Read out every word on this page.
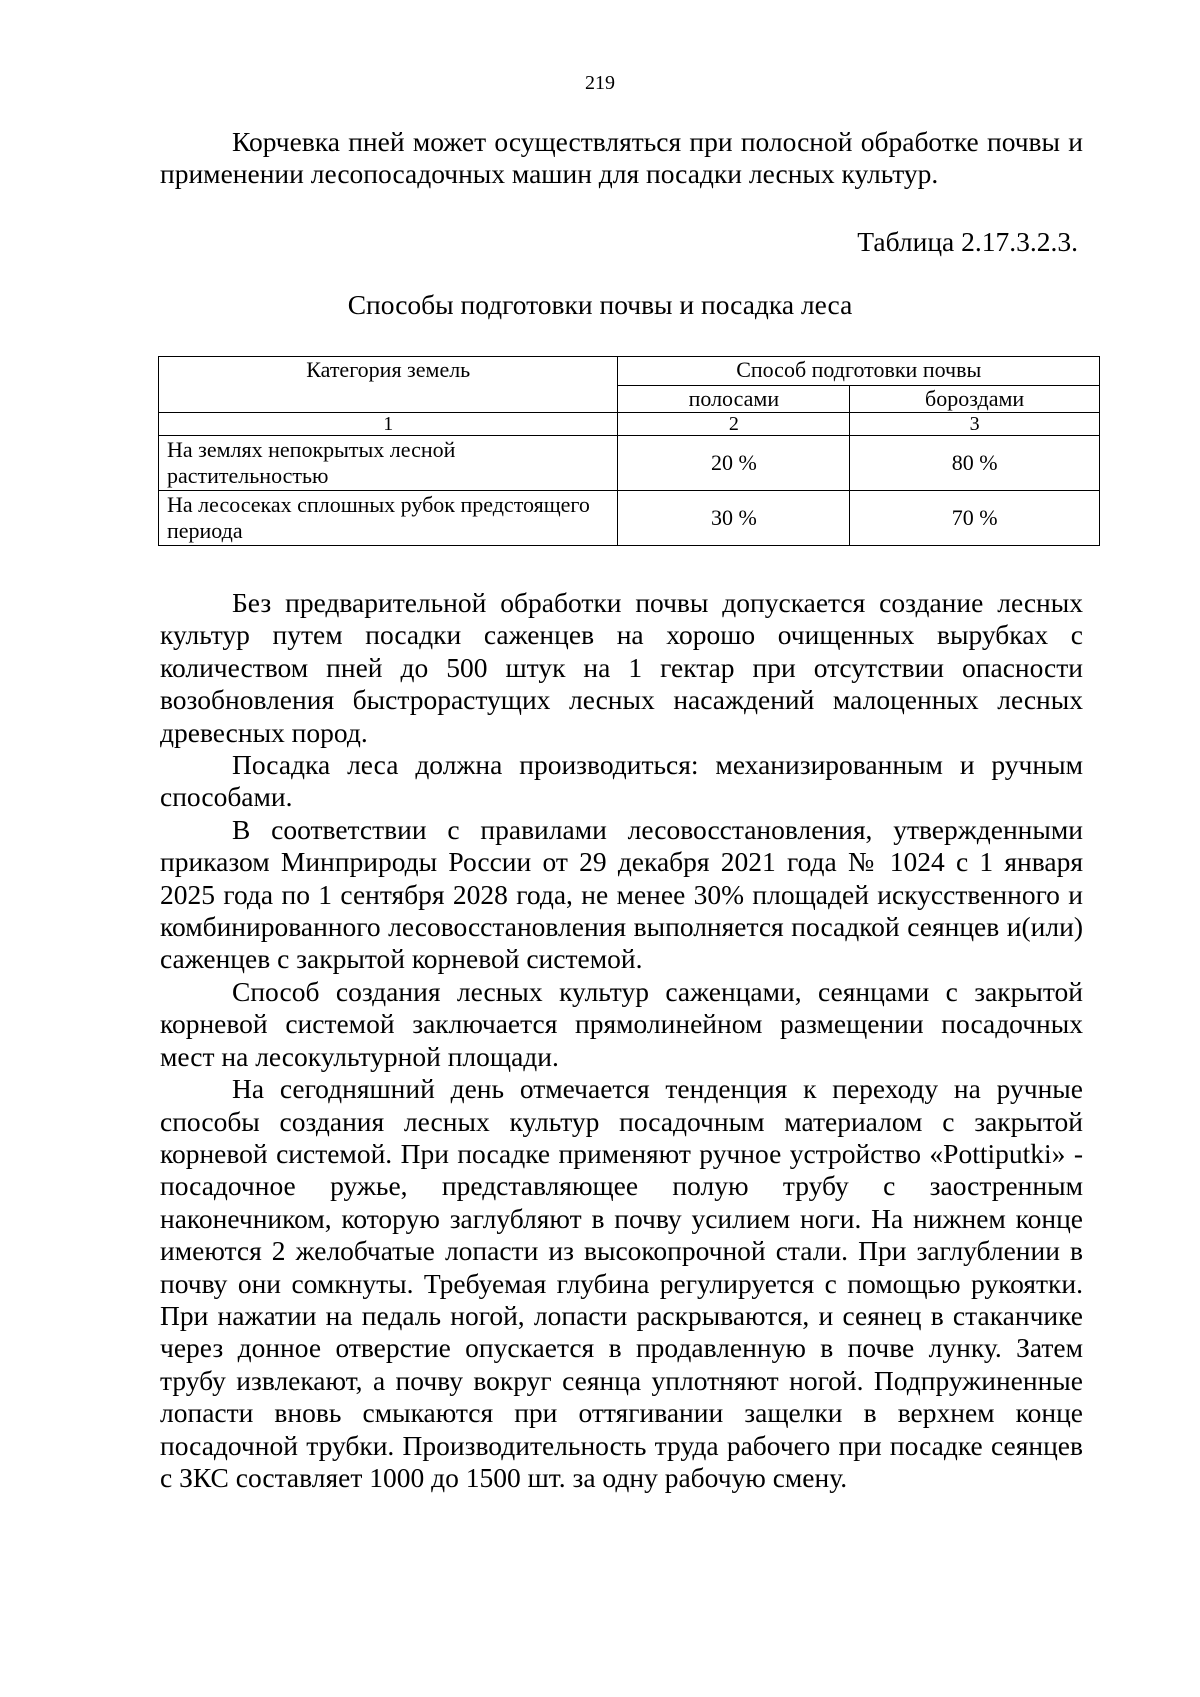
219

Корчевка пней может осуществляться при полосной обработке почвы и применении лесопосадочных машин для посадки лесных культур.

Таблица 2.17.3.2.3.
Способы подготовки почвы и посадка леса
Категория земель	Способ подготовки почвы	
	полосами	бороздами
1	2	3
На землях непокрытых лесной растительностью	20 %	80 %
На лесосеках сплошных рубок предстоящего периода	30 %	70 %

Без предварительной обработки почвы допускается создание лесных культур путем посадки саженцев на хорошо очищенных вырубках с количеством пней до 500 штук на 1 гектар при отсутствии опасности возобновления быстрорастущих лесных насаждений малоценных лесных древесных пород.

Посадка леса должна производиться: механизированным и ручным способами.

В соответствии с правилами лесовосстановления, утвержденными приказом Минприроды России от 29 декабря 2021 года № 1024 с 1 января 2025 года по 1 сентября 2028 года, не менее 30% площадей искусственного и комбинированного лесовосстановления выполняется посадкой сеянцев и(или) саженцев с закрытой корневой системой.

Способ создания лесных культур саженцами, сеянцами с закрытой корневой системой заключается прямолинейном размещении посадочных мест на лесокультурной площади.

На сегодняшний день отмечается тенденция к переходу на ручные способы создания лесных культур посадочным материалом с закрытой корневой системой. При посадке применяют ручное устройство «Pottiputki» - посадочное ружье, представляющее полую трубу с заостренным наконечником, которую заглубляют в почву усилием ноги. На нижнем конце имеются 2 желобчатые лопасти из высокопрочной стали. При заглублении в почву они сомкнуты. Требуемая глубина регулируется с помощью рукоятки. При нажатии на педаль ногой, лопасти раскрываются, и сеянец в стаканчике через донное отверстие опускается в продавленную в почве лунку. Затем трубу извлекают, а почву вокруг сеянца уплотняют ногой. Подпружиненные лопасти вновь смыкаются при оттягивании защелки в верхнем конце посадочной трубки. Производительность труда рабочего при посадке сеянцев с ЗКС составляет 1000 до 1500 шт. за одну рабочую смену.
